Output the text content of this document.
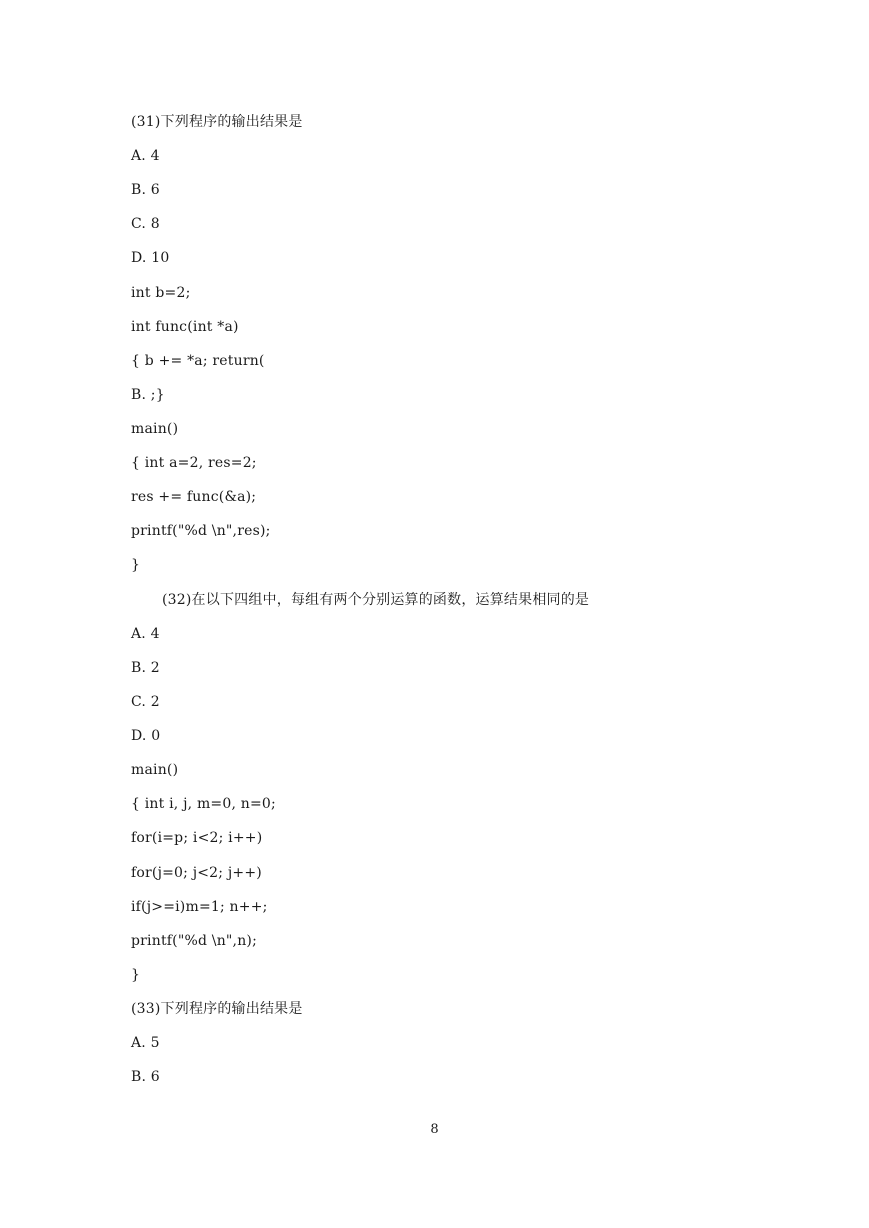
(31)下列程序的输出结果是
A. 4
B. 6
C. 8
D. 10
int b=2;
int func(int *a)
{ b += *a; return(
B. ;}
main()
{ int a=2, res=2;
res += func(&a);
printf("%d \n",res);
}
(32)在以下四组中，每组有两个分别运算的函数，运算结果相同的是
A. 4
B. 2
C. 2
D. 0
main()
{ int i, j, m=0, n=0;
for(i=p; i<2; i++)
for(j=0; j<2; j++)
if(j>=i)m=1; n++;
printf("%d \n",n);
}
(33)下列程序的输出结果是
A. 5
B. 6
8
